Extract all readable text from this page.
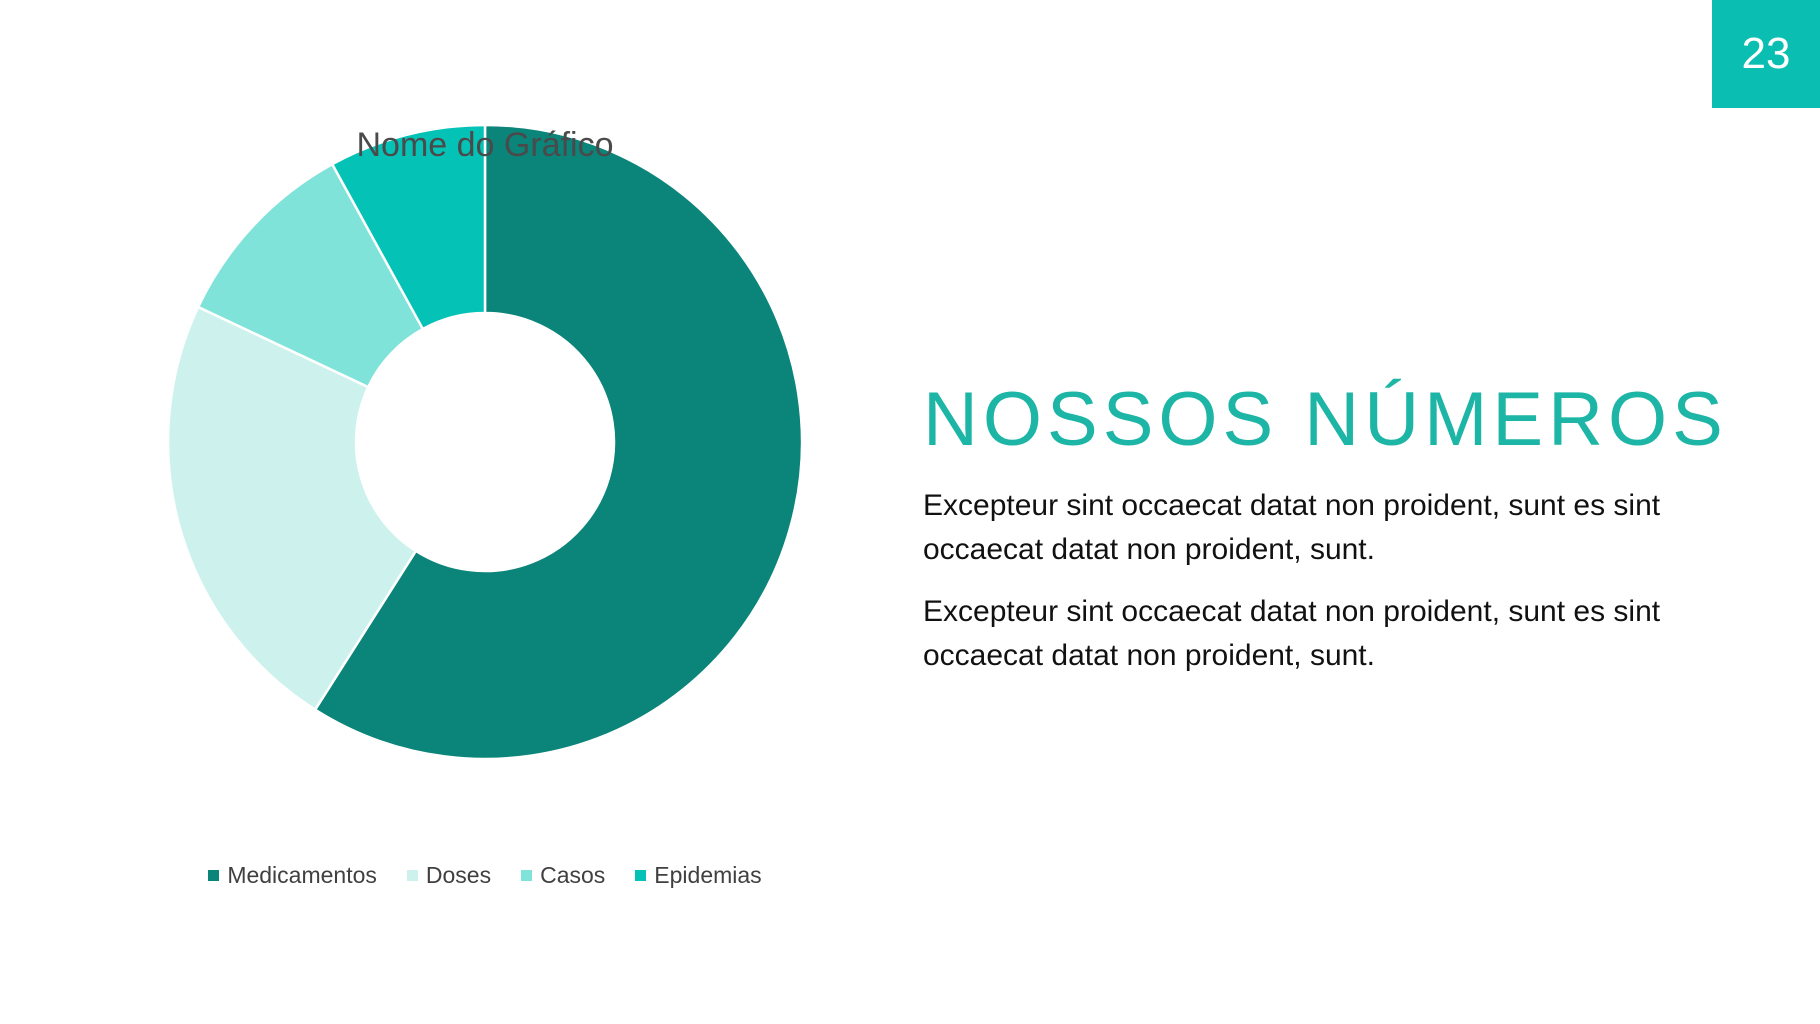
23
Nome do Gráfico
Medicamentos Doses Casos Epidemias
NOSSOS NÚMEROS

Excepteur sint occaecat datat non proident, sunt es sint occaecat datat non proident, sunt.

Excepteur sint occaecat datat non proident, sunt es sint occaecat datat non proident, sunt.
